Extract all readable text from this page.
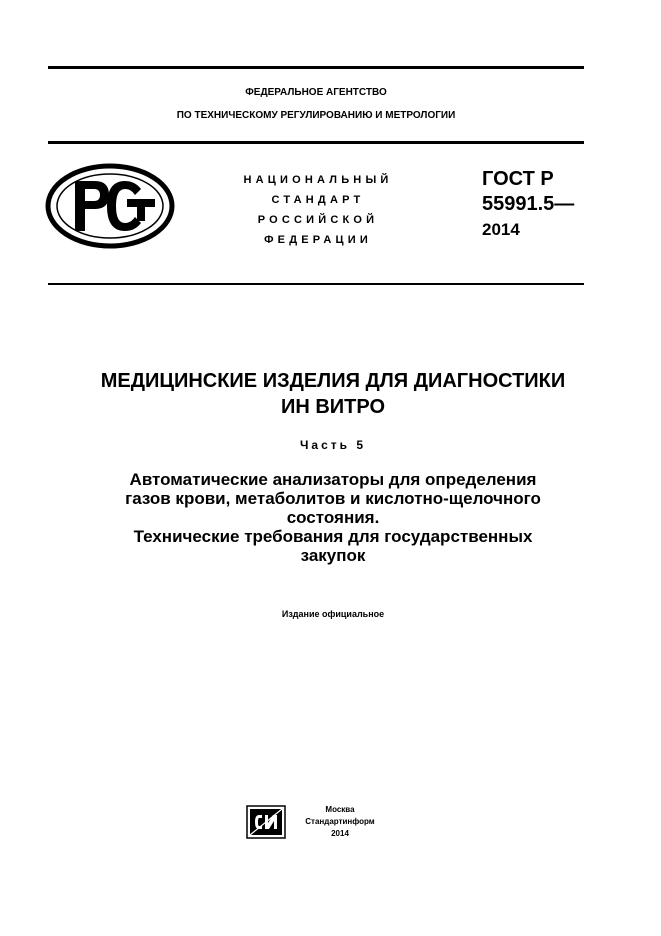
ФЕДЕРАЛЬНОЕ АГЕНТСТВО
ПО ТЕХНИЧЕСКОМУ РЕГУЛИРОВАНИЮ И МЕТРОЛОГИИ
РСТ
НАЦИОНАЛЬНЫЙ
СТАНДАРТ
РОССИЙСКОЙ
ФЕДЕРАЦИИ
ГОСТ Р
55991.5—
2014
МЕДИЦИНСКИЕ ИЗДЕЛИЯ ДЛЯ ДИАГНОСТИКИ
ИН ВИТРО
Часть 5
Автоматические анализаторы для определения
газов крови, метаболитов и кислотно-щелочного
состояния.
Технические требования для государственных
закупок
Издание официальное
СИ	Москва
Стандартинформ
2014
